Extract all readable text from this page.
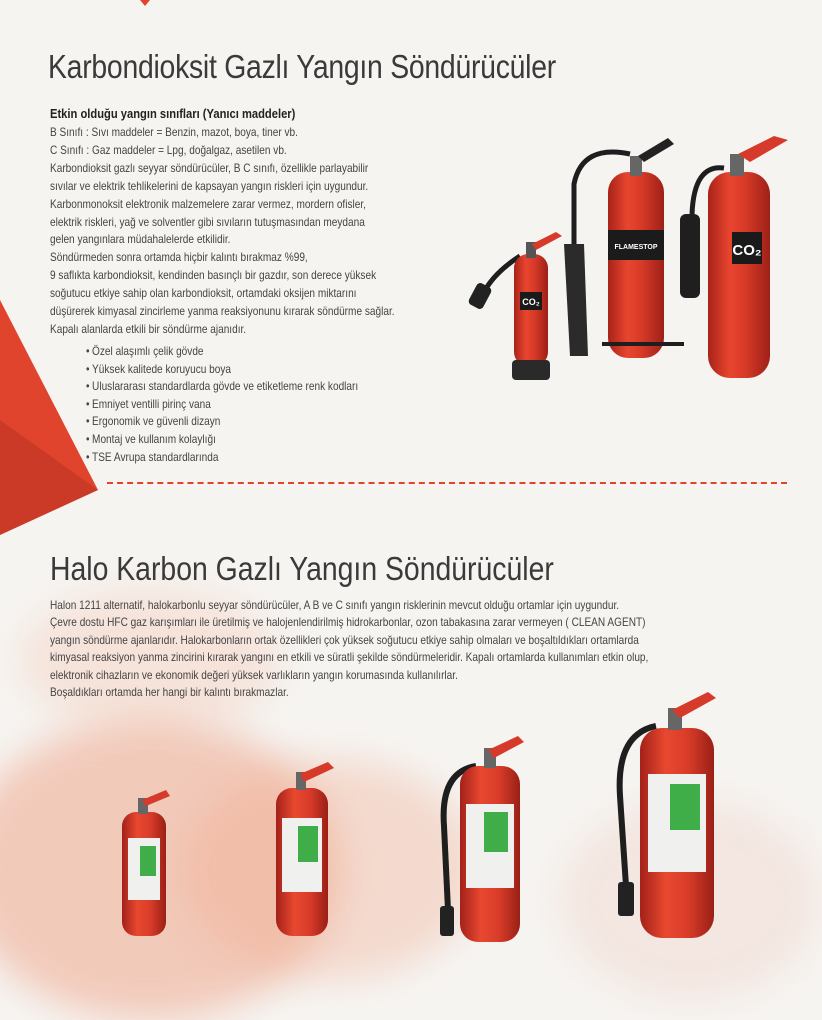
Karbondioksit Gazlı Yangın Söndürücüler

Etkin olduğu yangın sınıfları (Yanıcı maddeler)

B Sınıfı : Sıvı maddeler = Benzin, mazot, boya, tiner vb.
C Sınıfı : Gaz maddeler = Lpg, doğalgaz, asetilen vb.
Karbondioksit gazlı seyyar söndürücüler, B C sınıfı, özellikle parlayabilir
sıvılar ve elektrik tehlikelerini de kapsayan yangın riskleri için uygundur.
Karbonmonoksit elektronik malzemelere zarar vermez, mordern ofisler,
elektrik riskleri, yağ ve solventler gibi sıvıların tutuşmasından meydana
gelen yangınlara müdahalelerde etkilidir.
Söndürmeden sonra ortamda hiçbir kalıntı bırakmaz %99,
9 saflıkta karbondioksit, kendinden basınçlı bir gazdır, son derece yüksek
soğutucu etkiye sahip olan karbondioksit, ortamdaki oksijen miktarını
düşürerek kimyasal zincirleme yanma reaksiyonunu kırarak söndürme sağlar.
Kapalı alanlarda etkili bir söndürme ajanıdır.
• Özel alaşımlı çelik gövde
• Yüksek kalitede koruyucu boya
• Uluslararası standardlarda gövde ve etiketleme renk kodları
• Emniyet ventilli pirinç vana
• Ergonomik ve güvenli dizayn
• Montaj ve kullanım kolaylığı
• TSE Avrupa standardlarında
CO₂
FLAMESTOP	CO₂
Halo Karbon Gazlı Yangın Söndürücüler
Halon 1211 alternatif, halokarbonlu seyyar söndürücüler, A B ve C sınıfı yangın risklerinin mevcut olduğu ortamlar için uygundur.
Çevre dostu HFC gaz karışımları ile üretilmiş ve halojenlendirilmiş hidrokarbonlar, ozon tabakasına zarar vermeyen ( CLEAN AGENT)
yangın söndürme ajanlarıdır. Halokarbonların ortak özellikleri çok yüksek soğutucu etkiye sahip olmaları ve boşaltıldıkları ortamlarda
kimyasal reaksiyon yanma zincirini kırarak yangını en etkili ve süratli şekilde söndürmeleridir. Kapalı ortamlarda kullanımları etkin olup,
elektronik cihazların ve ekonomik değeri yüksek varlıkların yangın korumasında kullanılırlar.
Boşaldıkları ortamda her hangi bir kalıntı bırakmazlar.
